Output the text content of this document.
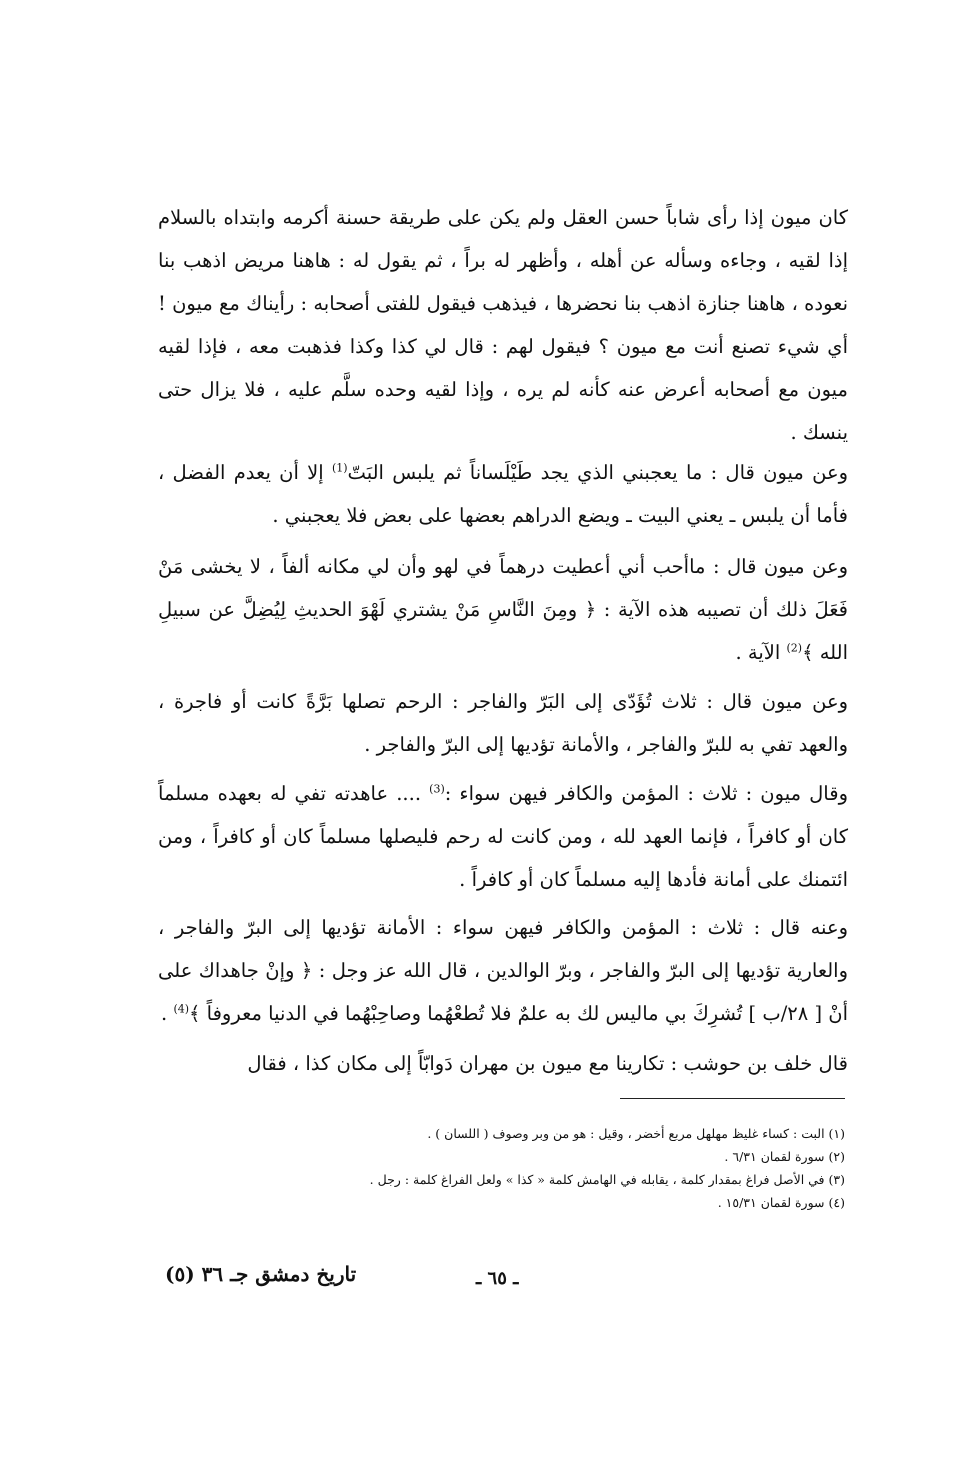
كان ميون إذا رأى شاباً حسن العقل ولم يكن على طريقة حسنة أكرمه وابتداه بالسلام إذا لقيه ، وجاءه وسأله عن أهله ، وأظهر له براً ، ثم يقول له : هاهنا مريض اذهب بنا نعوده ، هاهنا جنازة اذهب بنا نحضرها ، فيذهب فيقول للفتى أصحابه : رأيناك مع ميون ! أي شيء تصنع أنت مع ميون ؟ فيقول لهم : قال لي كذا وكذا فذهبت معه ، فإذا لقيه ميون مع أصحابه أعرض عنه كأنه لم يره ، وإذا لقيه وحده سلَّم عليه ، فلا يزال حتى ينسك .

وعن ميون قال : ما يعجبني الذي يجد طَيْلَساناً ثم يلبس البَتّ$^{(1)}$ إلا أن يعدم الفضل ، فأما أن يلبس ـ يعني البيت ـ ويضع الدراهم بعضها على بعض فلا يعجبني .

وعن ميون قال : ماأحب أني أعطيت درهماً في لهو وأن لي مكانه ألفاً ، لا يخشى مَنْ فَعَلَ ذلك أن تصيبه هذه الآية : ﴿ ومِنَ النَّاسِ مَنْ يشتري لَهْوَ الحديثِ لِيُضِلَّ عن سبيلِ الله ﴾$^{(2)}$ الآية .

وعن ميون قال : ثلاث تُؤَدّى إلى البَرّ والفاجر : الرحم تصلها بَرَّةً كانت أو فاجرة ، والعهد تفي به للبرّ والفاجر ، والأمانة تؤديها إلى البرّ والفاجر .

وقال ميون : ثلاث : المؤمن والكافر فيهن سواء :$^{(3)}$ .... عاهدته تفي له بعهده مسلماً كان أو كافراً ، فإنما العهد لله ، ومن كانت له رحم فليصلها مسلماً كان أو كافراً ، ومن ائتمنك على أمانة فأدها إليه مسلماً كان أو كافراً .

وعنه قال : ثلاث : المؤمن والكافر فيهن سواء : الأمانة تؤديها إلى البرّ والفاجر ، والعارية تؤديها إلى البرّ والفاجر ، وبرّ الوالدين ، قال الله عز وجل : ﴿ وإنْ جاهداك على أنْ [ ٢٨/ب ] تُشرِكَ بي ماليس لك به علمٌ فلا تُطعْهُما وصاحِبْهُما في الدنيا معروفاً ﴾$^{(4)}$ .

قال خلف بن حوشب : تكارينا مع ميون بن مهران دَوابّاً إلى مكان كذا ، فقال

(١) البت : كساء غليظ مهلهل مربع أخضر ، وقيل : هو من وبر وصوف ( اللسان ) .
(٢) سورة لقمان ٦/٣١ .
(٣) في الأصل فراغ بمقدار كلمة ، يقابله في الهامش كلمة « كذا » ولعل الفراغ كلمة : رجل .
(٤) سورة لقمان ١٥/٣١ .
تاريخ دمشق جـ ٣٦ (٥)	ـ ٦٥ ـ
